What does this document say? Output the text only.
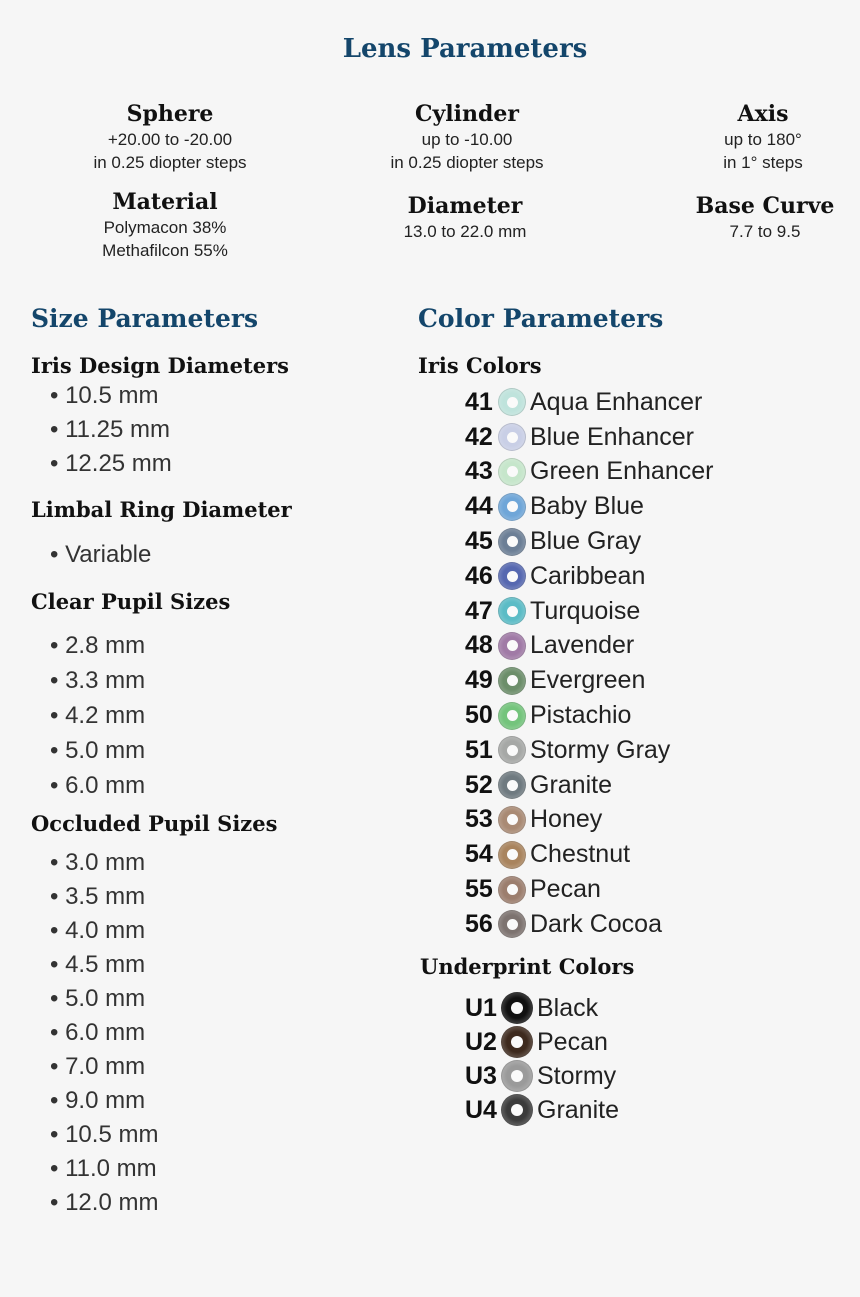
Lens Parameters
Sphere
+20.00 to -20.00
in 0.25 diopter steps
Cylinder
up to -10.00
in 0.25 diopter steps
Axis
up to 180°
in 1° steps
Material
Polymacon 38%
Methafilcon 55%
Diameter
13.0 to 22.0 mm
Base Curve
7.7 to 9.5
Size Parameters
Iris Design Diameters
• 10.5 mm
• 11.25 mm
• 12.25 mm
Limbal Ring Diameter
• Variable
Clear Pupil Sizes
• 2.8 mm
• 3.3 mm
• 4.2 mm
• 5.0 mm
• 6.0 mm
Occluded Pupil Sizes
• 3.0 mm
• 3.5 mm
• 4.0 mm
• 4.5 mm
• 5.0 mm
• 6.0 mm
• 7.0 mm
• 9.0 mm
• 10.5 mm
• 11.0 mm
• 12.0 mm
Color Parameters
Iris Colors
41 Aqua Enhancer
42 Blue Enhancer
43 Green Enhancer
44 Baby Blue
45 Blue Gray
46 Caribbean
47 Turquoise
48 Lavender
49 Evergreen
50 Pistachio
51 Stormy Gray
52 Granite
53 Honey
54 Chestnut
55 Pecan
56 Dark Cocoa
Underprint Colors
U1 Black
U2 Pecan
U3 Stormy
U4 Granite
